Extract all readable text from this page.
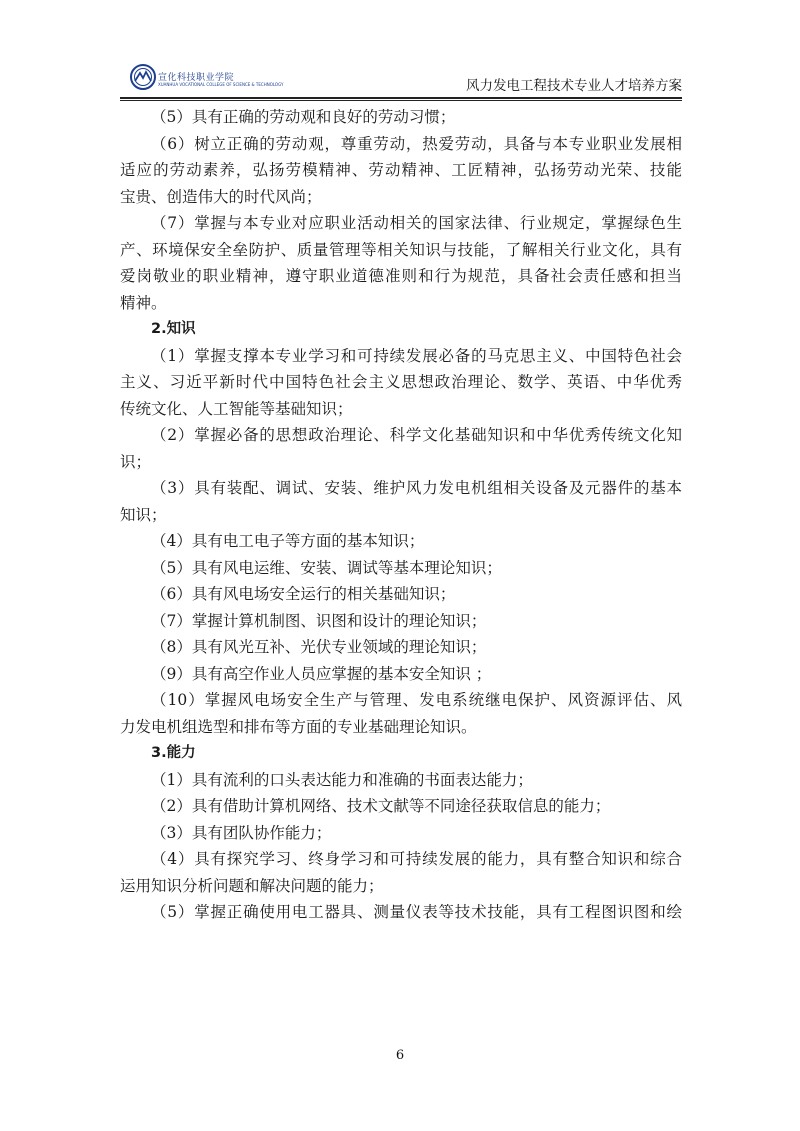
宣化科技职业学院
XUANHUA VOCATIONAL COLLEGE OF SCIENCE & TECHNOLOGY	风力发电工程技术专业人才培养方案
（5）具有正确的劳动观和良好的劳动习惯；
（6）树立正确的劳动观，尊重劳动，热爱劳动，具备与本专业职业发展相
适应的劳动素养，弘扬劳模精神、劳动精神、工匠精神，弘扬劳动光荣、技能
宝贵、创造伟大的时代风尚；
（7）掌握与本专业对应职业活动相关的国家法律、行业规定，掌握绿色生
产、环境保安全垒防护、质量管理等相关知识与技能，了解相关行业文化，具有
爱岗敬业的职业精神，遵守职业道德准则和行为规范，具备社会责任感和担当
精神。
2.知识
（1）掌握支撑本专业学习和可持续发展必备的马克思主义、中国特色社会
主义、习近平新时代中国特色社会主义思想政治理论、数学、英语、中华优秀
传统文化、人工智能等基础知识；
（2）掌握必备的思想政治理论、科学文化基础知识和中华优秀传统文化知
识；
（3）具有装配、调试、安装、维护风力发电机组相关设备及元器件的基本
知识；
（4）具有电工电子等方面的基本知识；
（5）具有风电运维、安装、调试等基本理论知识；
（6）具有风电场安全运行的相关基础知识；
（7）掌握计算机制图、识图和设计的理论知识；
（8）具有风光互补、光伏专业领域的理论知识；
（9）具有高空作业人员应掌握的基本安全知识 ；
（10）掌握风电场安全生产与管理、发电系统继电保护、风资源评估、风
力发电机组选型和排布等方面的专业基础理论知识。
3.能力
（1）具有流利的口头表达能力和准确的书面表达能力；
（2）具有借助计算机网络、技术文献等不同途径获取信息的能力；
（3）具有团队协作能力；
（4）具有探究学习、终身学习和可持续发展的能力，具有整合知识和综合
运用知识分析问题和解决问题的能力；
（5）掌握正确使用电工器具、测量仪表等技术技能，具有工程图识图和绘
6
